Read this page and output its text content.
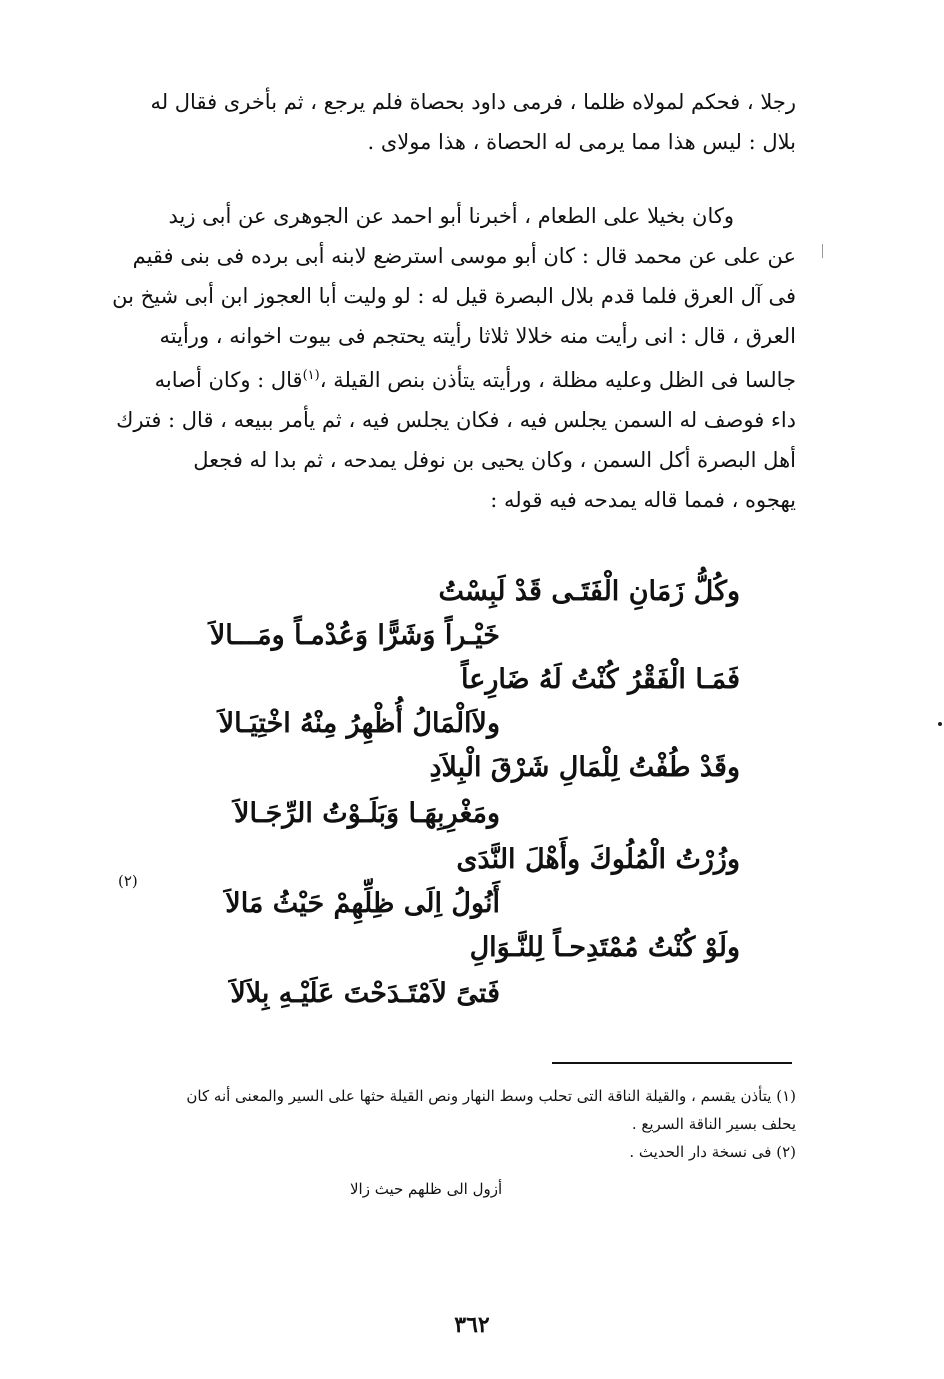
رجلا ، فحكم لمولاه ظلما ، فرمى داود بحصاة فلم يرجع ، ثم بأخرى فقال له
بلال : ليس هذا مما يرمى له الحصاة ، هذا مولاى .

وكان بخيلا على الطعام ، أخبرنا أبو احمد عن الجوهرى عن أبى زيد
عن على عن محمد قال : كان أبو موسى استرضع لابنه أبى برده فى بنى فقيم
فى آل العرق فلما قدم بلال البصرة قيل له : لو وليت أبا العجوز ابن أبى شيخ بن
العرق ، قال : انى رأيت منه خلالا ثلاثا رأيته يحتجم فى بيوت اخوانه ، ورأيته
جالسا فى الظل وعليه مظلة ، ورأيته يتأذن بنص القيلة ،$^{(١)}$قال : وكان أصابه
داء فوصف له السمن يجلس فيه ، فكان يجلس فيه ، ثم يأمر ببيعه ، قال : فترك
أهل البصرة أكل السمن ، وكان يحيى بن نوفل يمدحه ، ثم بدا له فجعل
يهجوه ، فمما قاله يمدحه فيه قوله :

وكُلُّ زَمَانِ الْفَتَـى قَدْ لَبِسْتُ
خَيْـراً وَشَرًّا وَعُدْمـاً ومَـــالاَ
فَمَـا الْفَقْرُ كُنْتُ لَهُ ضَارِعاً
ولاَالْمَالُ أُظْهِرُ مِنْهُ اخْتِيَـالاَ
وقَدْ طُفْتُ لِلْمَالِ شَرْقَ الْبِلاَدِ
ومَغْرِبِهَـا وَبَلَـوْتُ الرِّجَـالاَ
وزُرْتُ الْمُلُوكَ وأَهْلَ النَّدَى
أَنُولُ اِلَى ظِلِّهِمْ حَيْثُ مَالاَ
(٢)
ولَوْ كُنْتُ مُمْتَدِحـاً لِلنَّـوَالِ
فَتىً لاَمْتَـدَحْتَ عَلَيْـهِ بِلاَلاَ
(١) يتأذن يقسم ، والقيلة الناقة التى تحلب وسط النهار ونص القيلة حثها على السير والمعنى أنه كان
يحلف بسير الناقة السريع .
(٢) فى نسخة دار الحديث .
أزول الى ظلهم حيث زالا
٣٦٢
